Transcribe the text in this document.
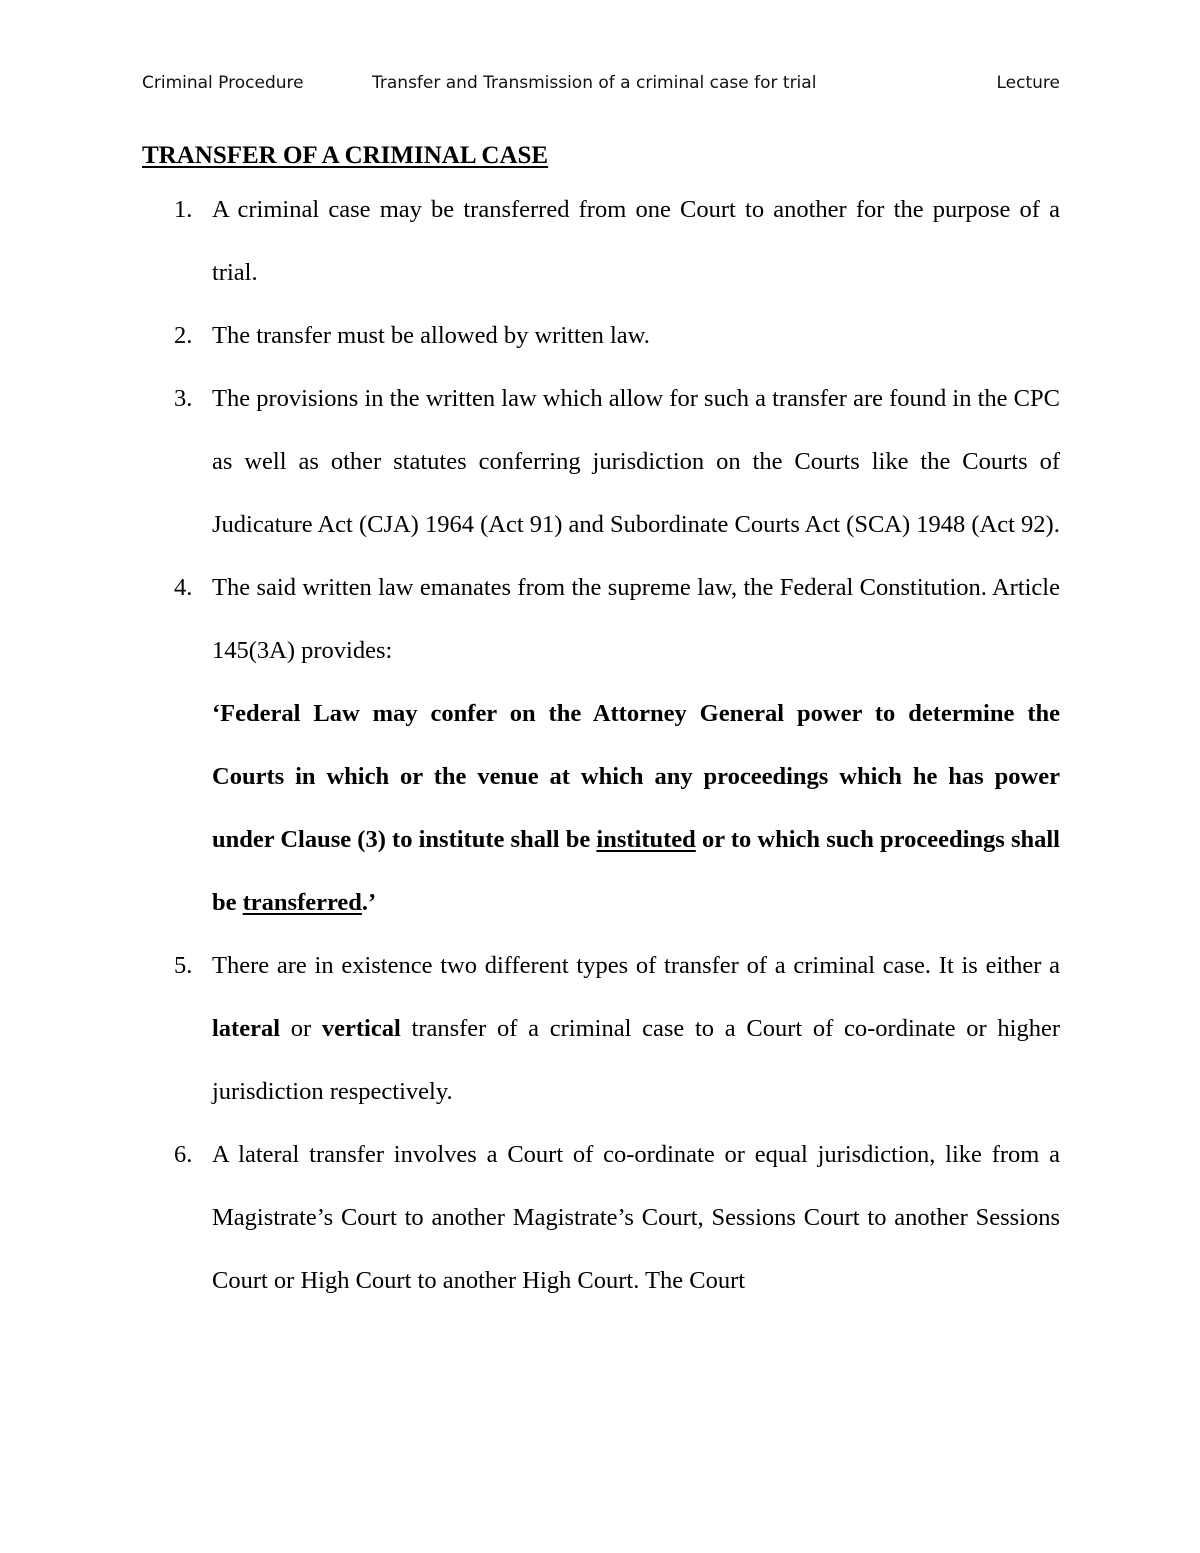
Criminal Procedure	Transfer and Transmission of a criminal case for trial	Lecture
TRANSFER OF A CRIMINAL CASE
1. A criminal case may be transferred from one Court to another for the purpose of a trial.
2. The transfer must be allowed by written law.
3. The provisions in the written law which allow for such a transfer are found in the CPC as well as other statutes conferring jurisdiction on the Courts like the Courts of Judicature Act (CJA) 1964 (Act 91) and Subordinate Courts Act (SCA) 1948 (Act 92).
4. The said written law emanates from the supreme law, the Federal Constitution. Article 145(3A) provides:
‘Federal Law may confer on the Attorney General power to determine the Courts in which or the venue at which any proceedings which he has power under Clause (3) to institute shall be instituted or to which such proceedings shall be transferred.’
5. There are in existence two different types of transfer of a criminal case. It is either a lateral or vertical transfer of a criminal case to a Court of co-ordinate or higher jurisdiction respectively.
6. A lateral transfer involves a Court of co-ordinate or equal jurisdiction, like from a Magistrate’s Court to another Magistrate’s Court, Sessions Court to another Sessions Court or High Court to another High Court. The Court
